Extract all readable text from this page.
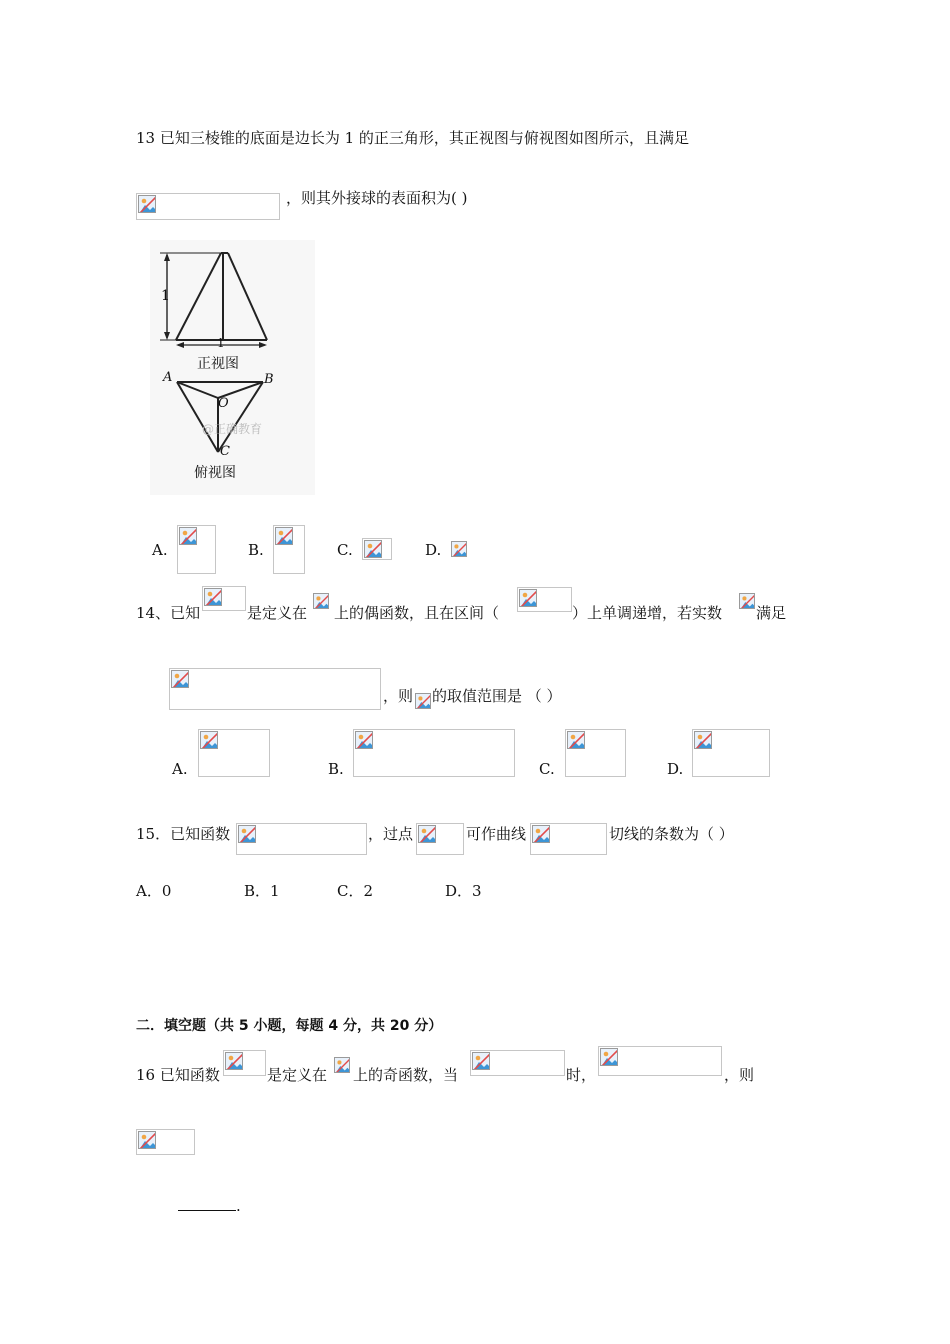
13 已知三棱锥的底面是边长为 1 的正三角形，其正视图与俯视图如图所示，且满足
，则其外接球的表面积为( )
1
1
正视图
A	B
O
@正确教育
C
俯视图
A.	B.	C.	D.
14、已知	是定义在 上的偶函数，且在区间（	）上单调递增，若实数 满足
，则 的取值范围是 （ ）
A.	B.	C.	D.
15．已知函数	，过点	可作曲线	切线的条数为（ ）
A．0	B．1	C．2	D．3
二．填空题（共 5 小题，每题 4 分，共 20 分）
16 已知函数	是定义在 上的奇函数，当	时，	，则
.
